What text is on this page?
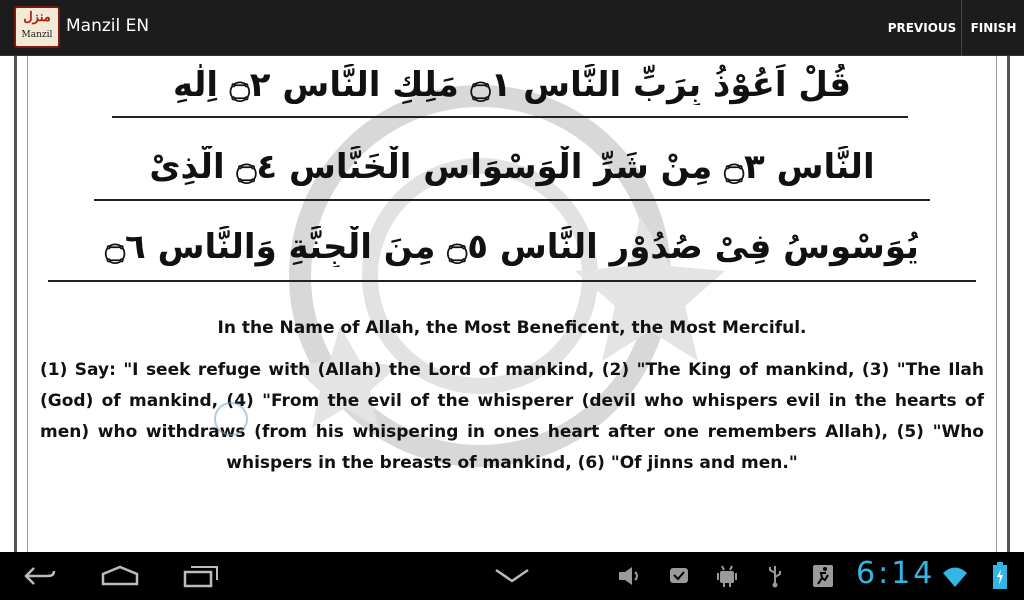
منزل
Manzil Manzil EN	PREVIOUS	FINISH
قُلْ اَعُوْذُ بِرَبِّ النَّاسِ ۝١ مَلِكِ النَّاسِ ۝٢ اِلٰهِ
النَّاسِ ۝٣ مِنْ شَرِّ الْوَسْوَاسِ الْخَنَّاسِ ۝٤ الَّذِىْ
يُوَسْوِسُ فِىْ صُدُوْرِ النَّاسِ ۝٥ مِنَ الْجِنَّةِ وَالنَّاسِ ۝٦
In the Name of Allah, the Most Beneficent, the Most Merciful.
(1) Say: "I seek refuge with (Allah) the Lord of mankind, (2) "The King of mankind, (3) "The Ilah (God) of mankind, (4) "From the evil of the whisperer (devil who whispers evil in the hearts of men) who withdraws (from his whispering in ones heart after one remembers Allah), (5) "Who whispers in the breasts of mankind, (6) "Of jinns and men."
6:14
